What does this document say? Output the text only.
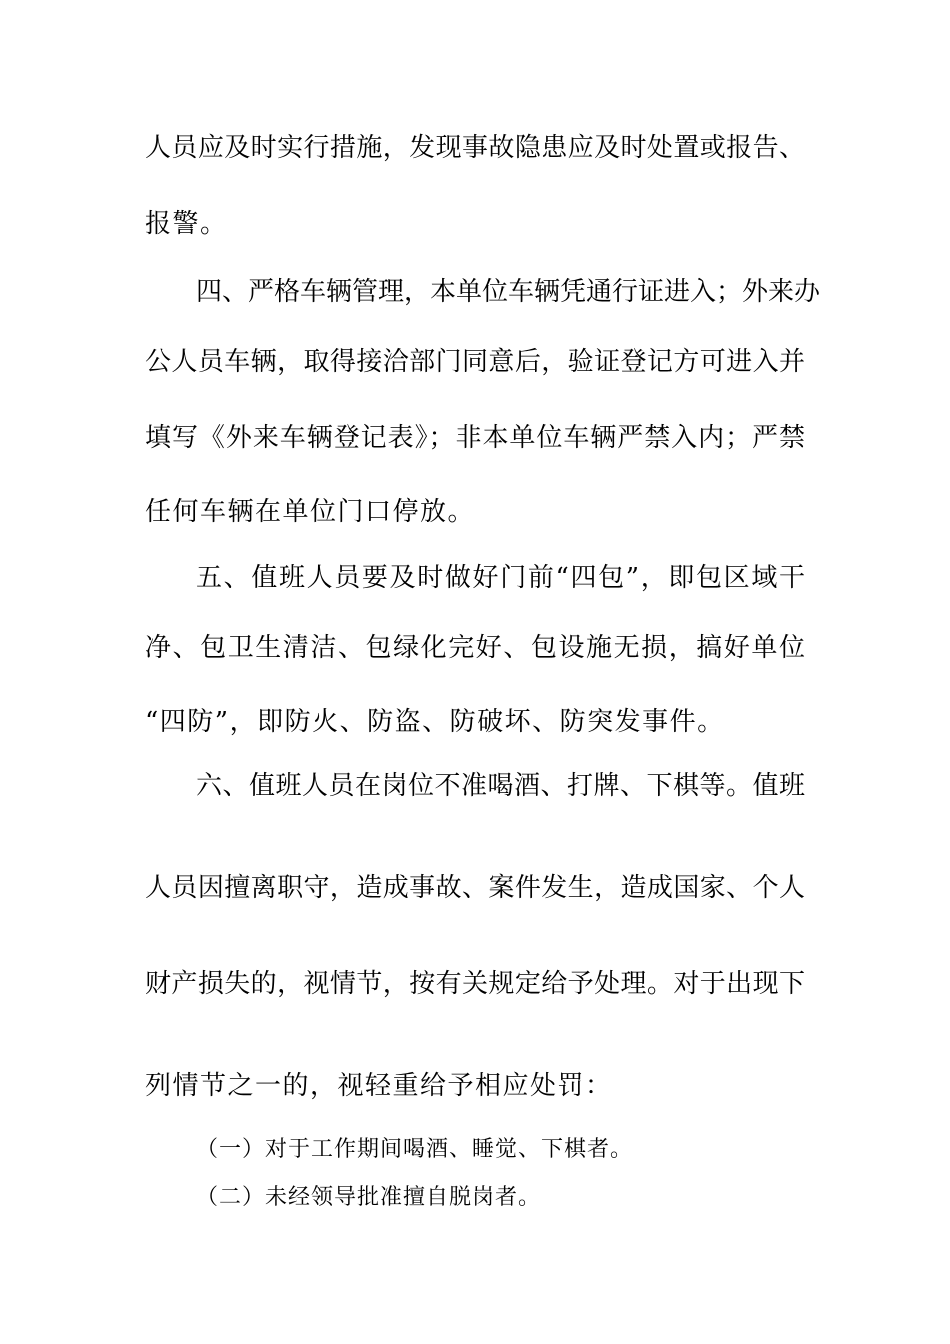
人员应及时实行措施，发现事故隐患应及时处置或报告、
报警。
四、严格车辆管理，本单位车辆凭通行证进入；外来办
公人员车辆，取得接洽部门同意后，验证登记方可进入并
填写《外来车辆登记表》；非本单位车辆严禁入内；严禁
任何车辆在单位门口停放。
五、值班人员要及时做好门前“四包”，即包区域干
净、包卫生清洁、包绿化完好、包设施无损，搞好单位
“四防”，即防火、防盗、防破坏、防突发事件。
六、值班人员在岗位不准喝酒、打牌、下棋等。值班
人员因擅离职守，造成事故、案件发生，造成国家、个人
财产损失的，视情节，按有关规定给予处理。对于出现下
列情节之一的，视轻重给予相应处罚：
（一）对于工作期间喝酒、睡觉、下棋者。
（二）未经领导批准擅自脱岗者。
